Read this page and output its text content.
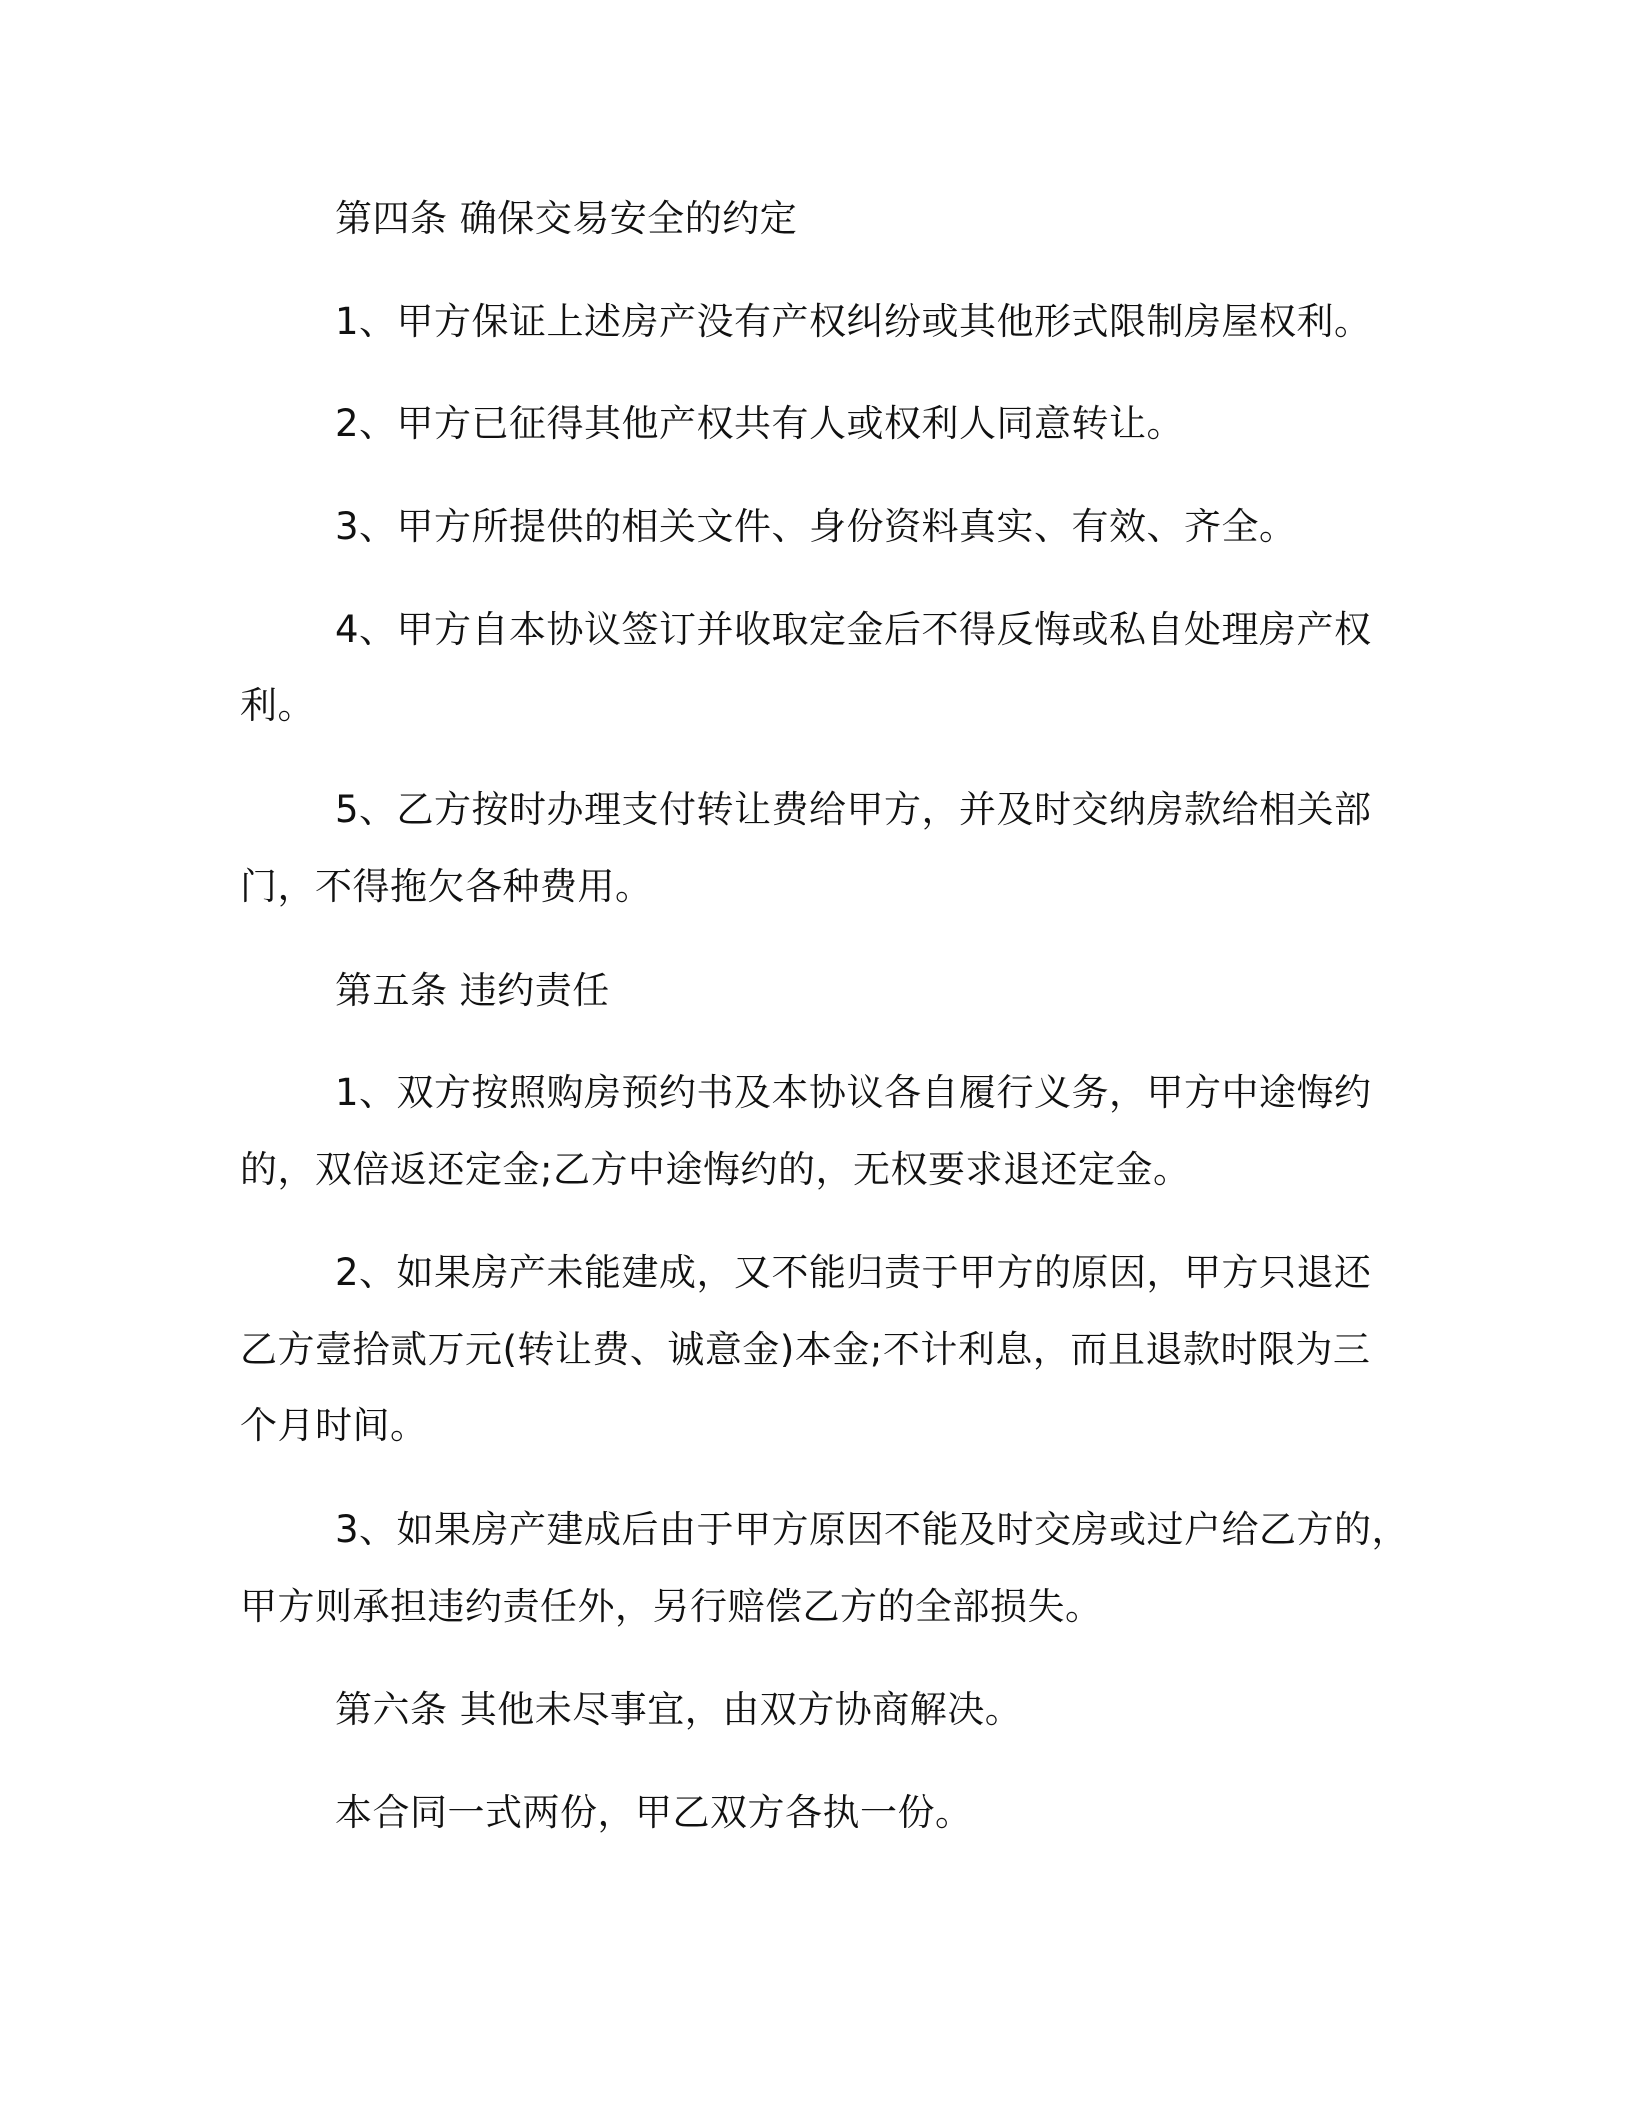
第四条 确保交易安全的约定
1、甲方保证上述房产没有产权纠纷或其他形式限制房屋权利。
2、甲方已征得其他产权共有人或权利人同意转让。
3、甲方所提供的相关文件、身份资料真实、有效、齐全。
4、甲方自本协议签订并收取定金后不得反悔或私自处理房产权
利。
5、乙方按时办理支付转让费给甲方，并及时交纳房款给相关部
门，不得拖欠各种费用。
第五条 违约责任
1、双方按照购房预约书及本协议各自履行义务，甲方中途悔约
的，双倍返还定金;乙方中途悔约的，无权要求退还定金。
2、如果房产未能建成，又不能归责于甲方的原因，甲方只退还
乙方壹拾贰万元(转让费、诚意金)本金;不计利息，而且退款时限为三
个月时间。
3、如果房产建成后由于甲方原因不能及时交房或过户给乙方的，
甲方则承担违约责任外，另行赔偿乙方的全部损失。
第六条 其他未尽事宜，由双方协商解决。
本合同一式两份，甲乙双方各执一份。
